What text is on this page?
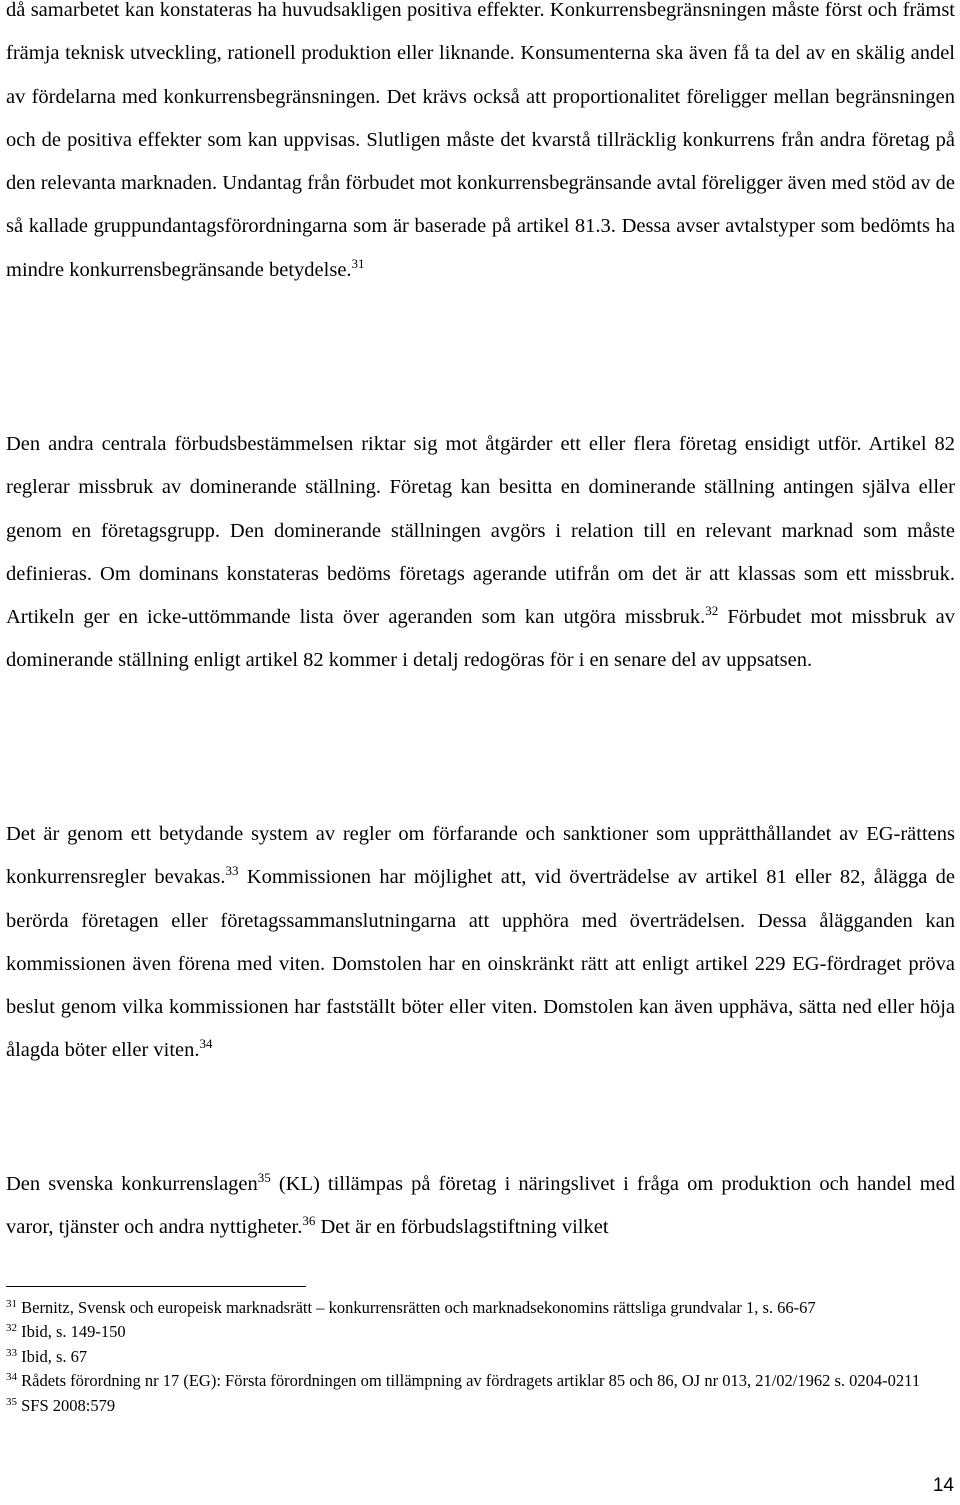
då samarbetet kan konstateras ha huvudsakligen positiva effekter. Konkurrensbegränsningen måste först och främst främja teknisk utveckling, rationell produktion eller liknande. Konsumenterna ska även få ta del av en skälig andel av fördelarna med konkurrensbegränsningen. Det krävs också att proportionalitet föreligger mellan begränsningen och de positiva effekter som kan uppvisas. Slutligen måste det kvarstå tillräcklig konkurrens från andra företag på den relevanta marknaden. Undantag från förbudet mot konkurrensbegränsande avtal föreligger även med stöd av de så kallade gruppundantagsförordningarna som är baserade på artikel 81.3. Dessa avser avtalstyper som bedömts ha mindre konkurrensbegränsande betydelse.$^{31}$

Den andra centrala förbudsbestämmelsen riktar sig mot åtgärder ett eller flera företag ensidigt utför. Artikel 82 reglerar missbruk av dominerande ställning. Företag kan besitta en dominerande ställning antingen själva eller genom en företagsgrupp. Den dominerande ställningen avgörs i relation till en relevant marknad som måste definieras. Om dominans konstateras bedöms företags agerande utifrån om det är att klassas som ett missbruk. Artikeln ger en icke-uttömmande lista över ageranden som kan utgöra missbruk.$^{32}$ Förbudet mot missbruk av dominerande ställning enligt artikel 82 kommer i detalj redogöras för i en senare del av uppsatsen.

Det är genom ett betydande system av regler om förfarande och sanktioner som upprätthållandet av EG-rättens konkurrensregler bevakas.$^{33}$ Kommissionen har möjlighet att, vid överträdelse av artikel 81 eller 82, ålägga de berörda företagen eller företagssammanslutningarna att upphöra med överträdelsen. Dessa ålägganden kan kommissionen även förena med viten. Domstolen har en oinskränkt rätt att enligt artikel 229 EG-fördraget pröva beslut genom vilka kommissionen har fastställt böter eller viten. Domstolen kan även upphäva, sätta ned eller höja ålagda böter eller viten.$^{34}$

Den svenska konkurrenslagen$^{35}$ (KL) tillämpas på företag i näringslivet i fråga om produktion och handel med varor, tjänster och andra nyttigheter.$^{36}$ Det är en förbudslagstiftning vilket

$^{31}$ Bernitz, Svensk och europeisk marknadsrätt – konkurrensrätten och marknadsekonomins rättsliga grundvalar 1, s. 66-67

$^{32}$ Ibid, s. 149-150

$^{33}$ Ibid, s. 67

$^{34}$ Rådets förordning nr 17 (EG): Första förordningen om tillämpning av fördragets artiklar 85 och 86, OJ nr 013, 21/02/1962 s. 0204-0211

$^{35}$ SFS 2008:579

14
